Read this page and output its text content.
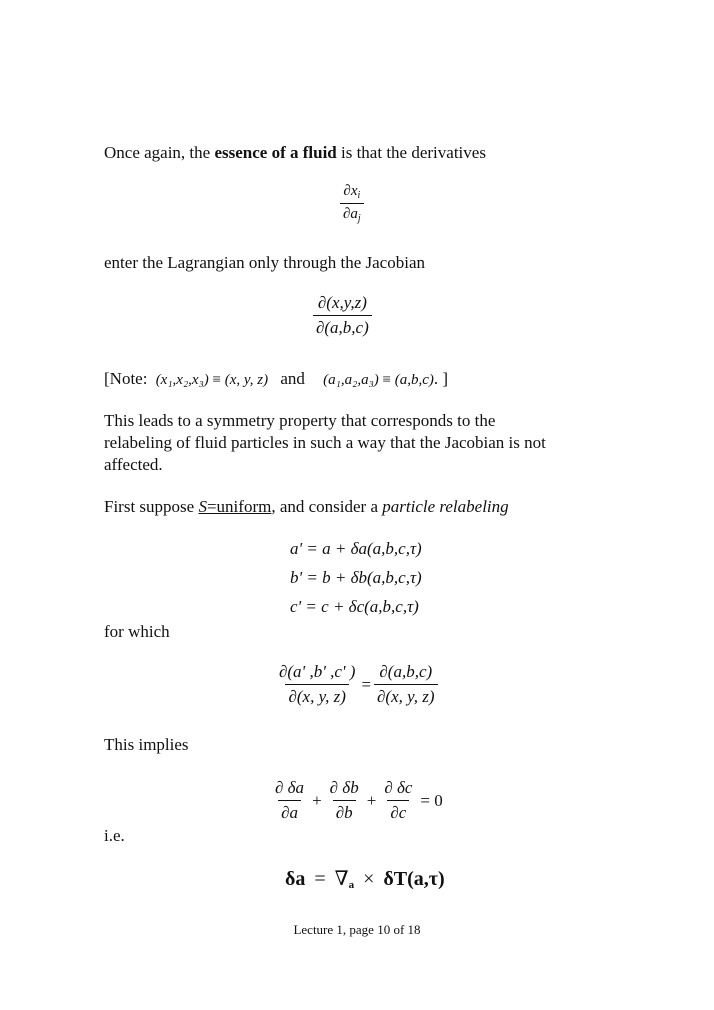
Once again, the essence of a fluid is that the derivatives
$\frac{\partial x_i}{\partial a_j}$
enter the Lagrangian only through the Jacobian
$\frac{\partial(x,y,z)}{\partial(a,b,c)}$
[Note: (x₁,x₂,x₃) ≡ (x, y, z) and (a₁,a₂,a₃) ≡ (a,b,c). ]
This leads to a symmetry property that corresponds to the
relabeling of fluid particles in such a way that the Jacobian is not
affected.
First suppose S=uniform, and consider a particle relabeling
a' = a + δa(a,b,c,τ)
b' = b + δb(a,b,c,τ)
c' = c + δc(a,b,c,τ)
for which
$\frac{\partial(a' ,b' ,c' )}{\partial(x, y, z)} = \frac{\partial(a,b,c)}{\partial(x, y, z)}$
This implies
$\frac{\partial \delta a}{\partial a} + \frac{\partial \delta b}{\partial b} + \frac{\partial \delta c}{\partial c} = 0$
i.e.
$\delta a = \nabla_a \times \delta T(a,\tau)$
Lecture 1, page 10 of 18
